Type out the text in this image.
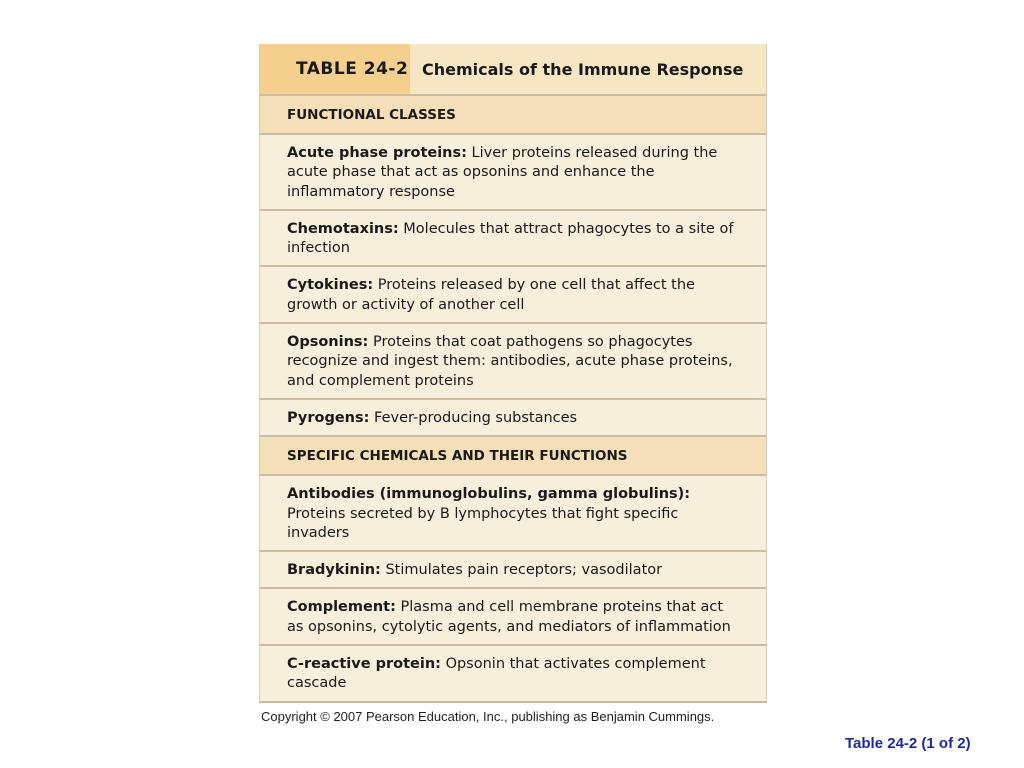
TABLE 24-2 Chemicals of the Immune Response
FUNCTIONAL CLASSES
Acute phase proteins: Liver proteins released during the acute phase that act as opsonins and enhance the inflammatory response
Chemotaxins: Molecules that attract phagocytes to a site of infection
Cytokines: Proteins released by one cell that affect the growth or activity of another cell
Opsonins: Proteins that coat pathogens so phagocytes recognize and ingest them: antibodies, acute phase proteins, and complement proteins
Pyrogens: Fever-producing substances
SPECIFIC CHEMICALS AND THEIR FUNCTIONS
Antibodies (immunoglobulins, gamma globulins): Proteins secreted by B lymphocytes that fight specific invaders
Bradykinin: Stimulates pain receptors; vasodilator
Complement: Plasma and cell membrane proteins that act as opsonins, cytolytic agents, and mediators of inflammation
C-reactive protein: Opsonin that activates complement cascade
Copyright © 2007 Pearson Education, Inc., publishing as Benjamin Cummings.
Table 24-2 (1 of 2)
